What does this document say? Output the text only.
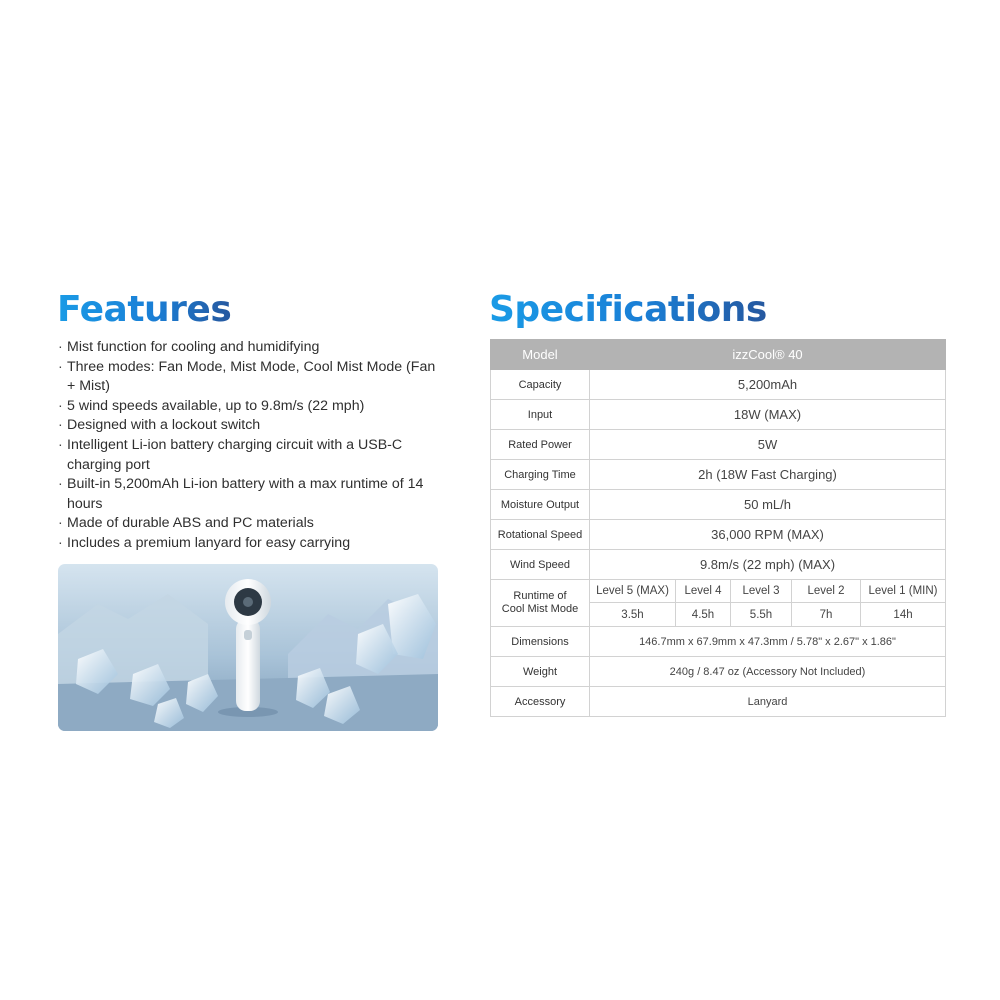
Features
· Mist function for cooling and humidifying
· Three modes: Fan Mode, Mist Mode, Cool Mist Mode (Fan + Mist)
· 5 wind speeds available, up to 9.8m/s (22 mph)
· Designed with a lockout switch
· Intelligent Li-ion battery charging circuit with a USB-C charging port
· Built-in 5,200mAh Li-ion battery with a max runtime of 14 hours
· Made of durable ABS and PC materials
· Includes a premium lanyard for easy carrying
Specifications
Model	izzCool® 40				
Capacity	5,200mAh				
Input	18W (MAX)				
Rated Power	5W				
Charging Time	2h (18W Fast Charging)				
Moisture Output	50 mL/h				
Rotational Speed	36,000 RPM (MAX)				
Wind Speed	9.8m/s (22 mph) (MAX)				
Runtime of
Cool Mist Mode	Level 5 (MAX)	Level 4	Level 3	Level 2	Level 1 (MIN)
	3.5h	4.5h	5.5h	7h	14h
Dimensions	146.7mm x 67.9mm x 47.3mm / 5.78" x 2.67" x 1.86"				
Weight	240g / 8.47 oz (Accessory Not Included)				
Accessory	Lanyard				
